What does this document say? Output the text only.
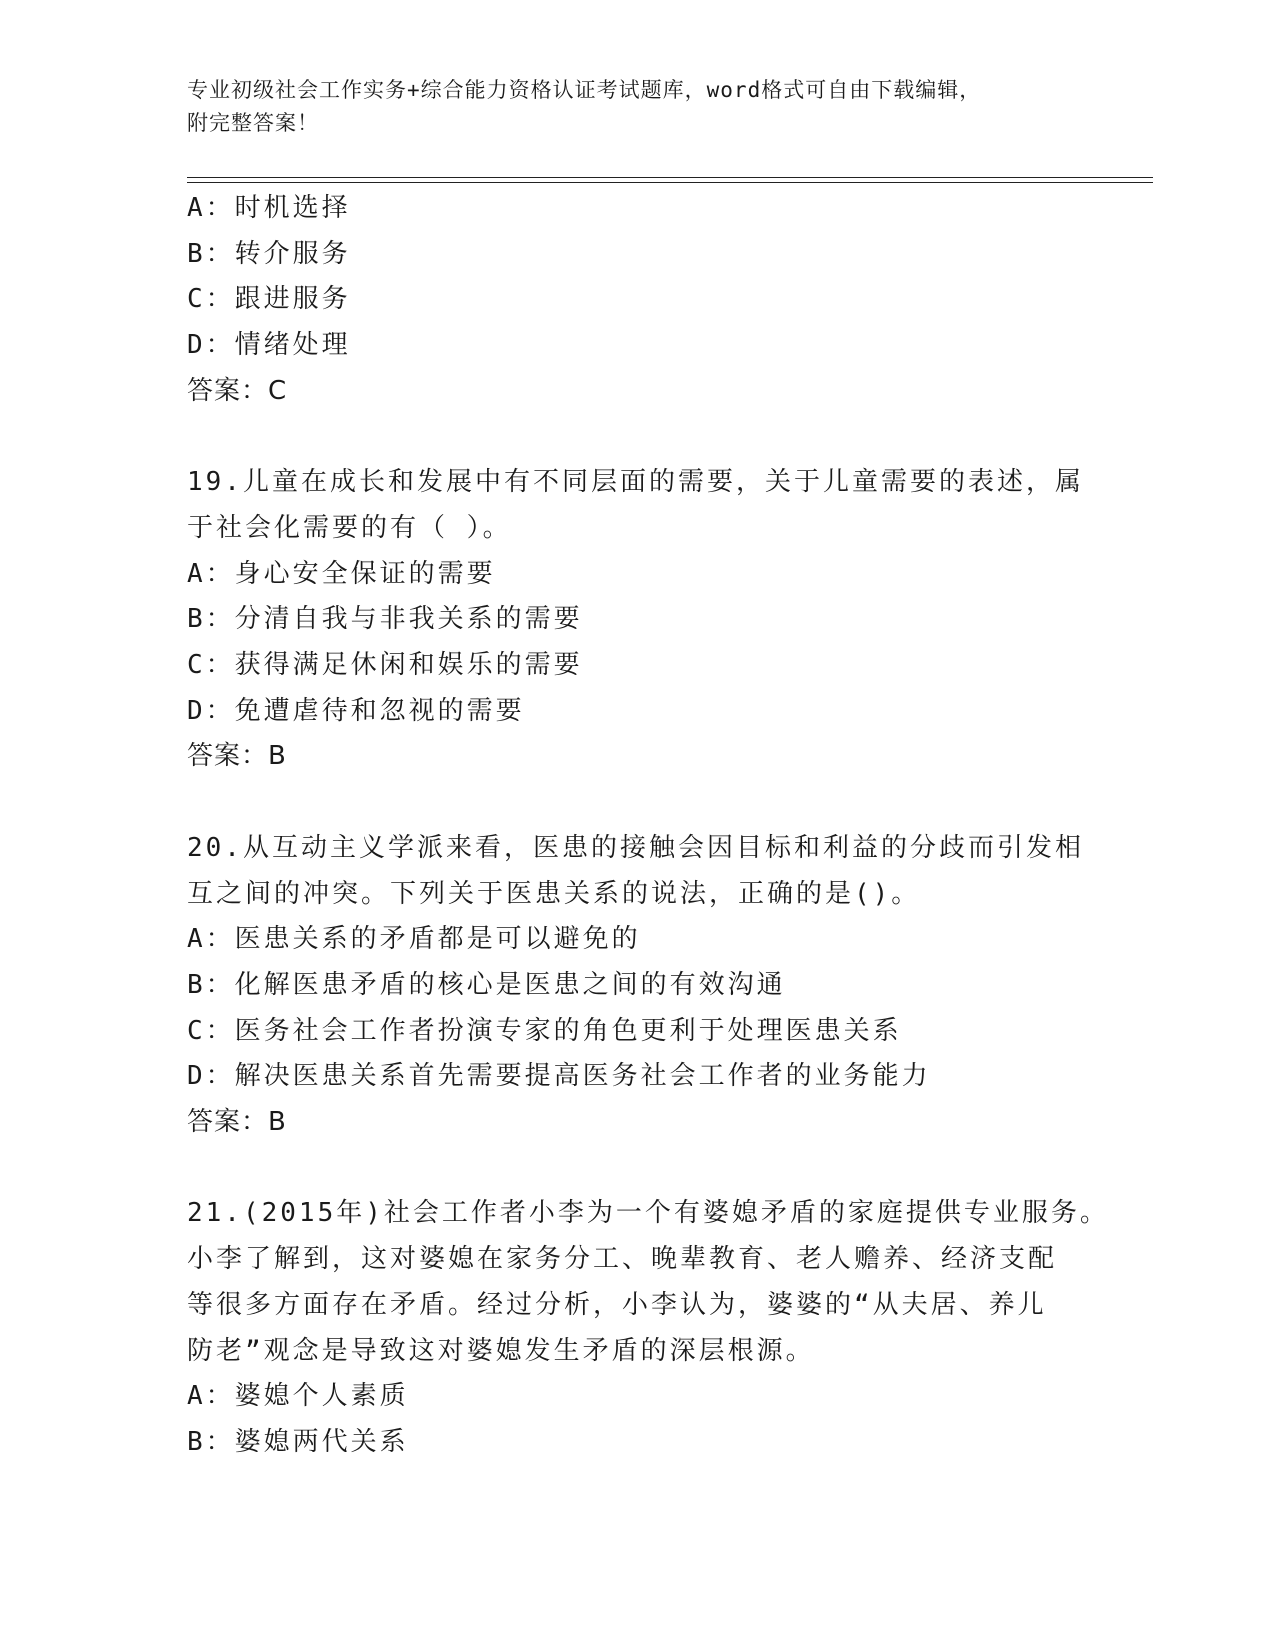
专业初级社会工作实务+综合能力资格认证考试题库，word格式可自由下载编辑，
附完整答案！
A：时机选择
B：转介服务
C：跟进服务
D：情绪处理
答案：C
19.儿童在成长和发展中有不同层面的需要，关于儿童需要的表述，属
于社会化需要的有（ ）。
A：身心安全保证的需要
B：分清自我与非我关系的需要
C：获得满足休闲和娱乐的需要
D：免遭虐待和忽视的需要
答案：B
20.从互动主义学派来看，医患的接触会因目标和利益的分歧而引发相
互之间的冲突。下列关于医患关系的说法，正确的是()。
A：医患关系的矛盾都是可以避免的
B：化解医患矛盾的核心是医患之间的有效沟通
C：医务社会工作者扮演专家的角色更利于处理医患关系
D：解决医患关系首先需要提高医务社会工作者的业务能力
答案：B
21.(2015年)社会工作者小李为一个有婆媳矛盾的家庭提供专业服务。
小李了解到，这对婆媳在家务分工、晚辈教育、老人赡养、经济支配
等很多方面存在矛盾。经过分析，小李认为，婆婆的“从夫居、养儿
防老”观念是导致这对婆媳发生矛盾的深层根源。
A：婆媳个人素质
B：婆媳两代关系
